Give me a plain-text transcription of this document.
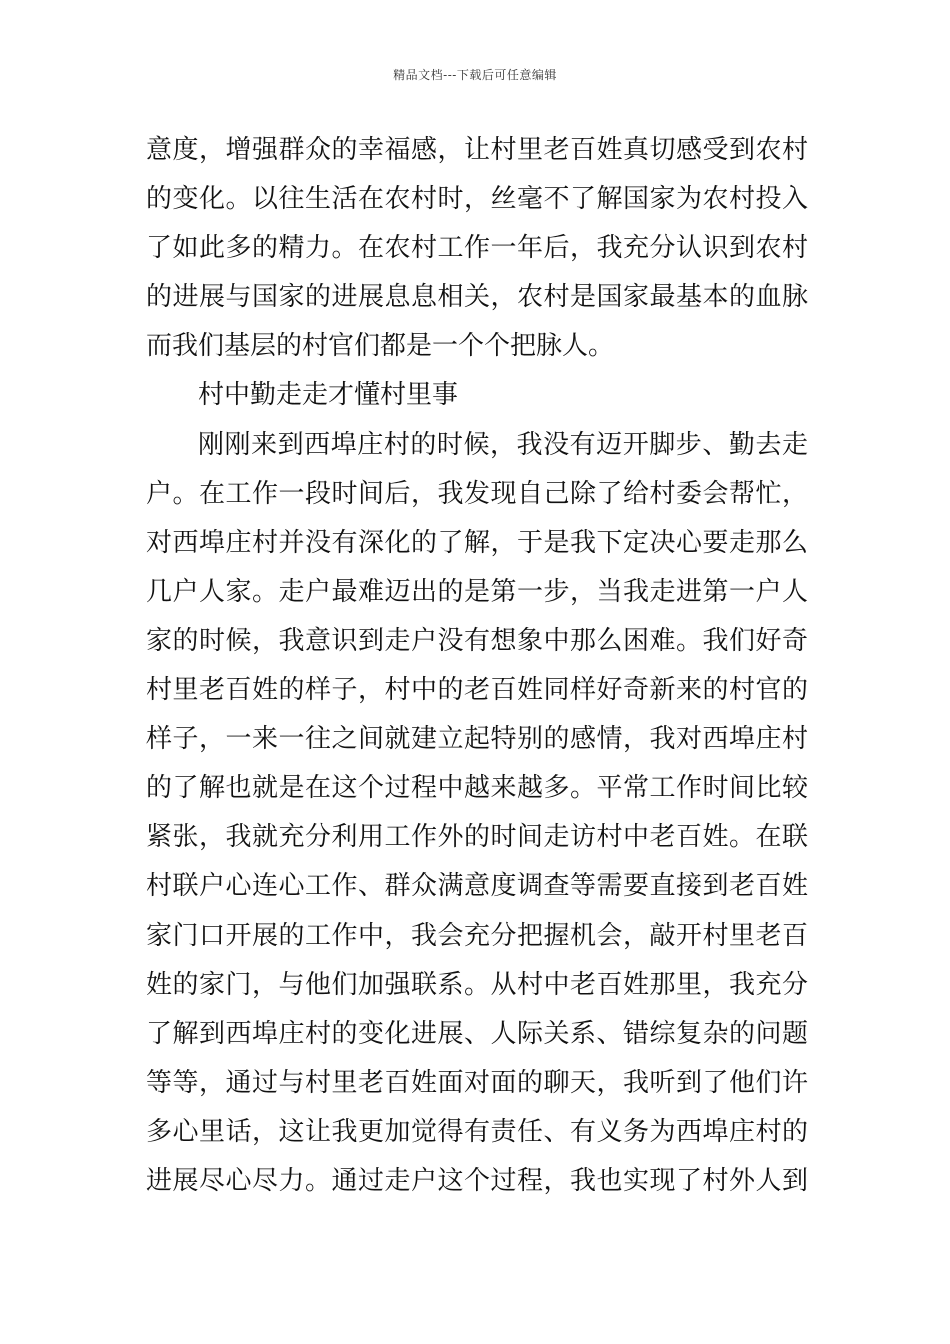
精品文档---下载后可任意编辑
意度，增强群众的幸福感，让村里老百姓真切感受到农村
的变化。以往生活在农村时，丝毫不了解国家为农村投入
了如此多的精力。在农村工作一年后，我充分认识到农村
的进展与国家的进展息息相关，农村是国家最基本的血脉
而我们基层的村官们都是一个个把脉人。
村中勤走走才懂村里事
刚刚来到西埠庄村的时候，我没有迈开脚步、勤去走
户。在工作一段时间后，我发现自己除了给村委会帮忙，
对西埠庄村并没有深化的了解，于是我下定决心要走那么
几户人家。走户最难迈出的是第一步，当我走进第一户人
家的时候，我意识到走户没有想象中那么困难。我们好奇
村里老百姓的样子，村中的老百姓同样好奇新来的村官的
样子，一来一往之间就建立起特别的感情，我对西埠庄村
的了解也就是在这个过程中越来越多。平常工作时间比较
紧张，我就充分利用工作外的时间走访村中老百姓。在联
村联户心连心工作、群众满意度调查等需要直接到老百姓
家门口开展的工作中，我会充分把握机会，敲开村里老百
姓的家门，与他们加强联系。从村中老百姓那里，我充分
了解到西埠庄村的变化进展、人际关系、错综复杂的问题
等等，通过与村里老百姓面对面的聊天，我听到了他们许
多心里话，这让我更加觉得有责任、有义务为西埠庄村的
进展尽心尽力。通过走户这个过程，我也实现了村外人到
